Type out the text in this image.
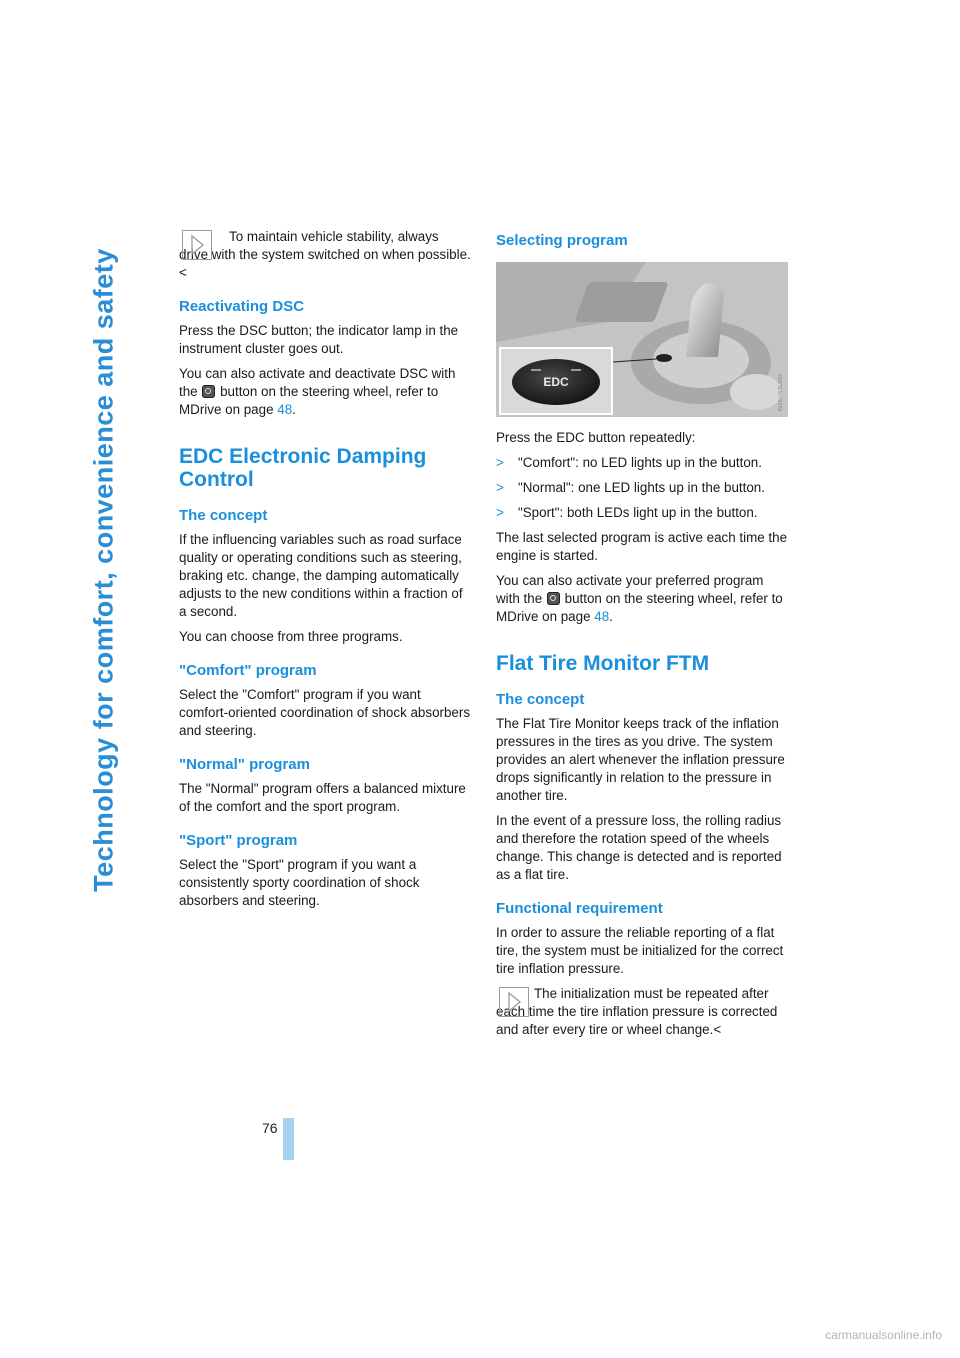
Technology for comfort, convenience and safety
76

To maintain vehicle stability, always drive with the system switched on when possible.<

Reactivating DSC

Press the DSC button; the indicator lamp in the instrument cluster goes out.

You can also activate and deactivate DSC with the button on the steering wheel, refer to MDrive on page 48.

EDC Electronic Damping Control
The concept

If the influencing variables such as road surface quality or operating conditions such as steering, braking etc. change, the damping automatically adjusts to the new conditions within a fraction of a second.

You can choose from three programs.

"Comfort" program

Select the "Comfort" program if you want comfort-oriented coordination of shock absorbers and steering.

"Normal" program

The "Normal" program offers a balanced mixture of the comfort and the sport program.

"Sport" program

Select the "Sport" program if you want a consistently sporty coordination of shock absorbers and steering.

Selecting program
EDC	W1I0763CMA

Press the EDC button repeatedly:

>	"Comfort": no LED lights up in the button.
>	"Normal": one LED lights up in the button.
>	"Sport": both LEDs light up in the button.

The last selected program is active each time the engine is started.

You can also activate your preferred program with the button on the steering wheel, refer to MDrive on page 48.

Flat Tire Monitor FTM
The concept

The Flat Tire Monitor keeps track of the inflation pressures in the tires as you drive. The system provides an alert whenever the inflation pressure drops significantly in relation to the pressure in another tire.

In the event of a pressure loss, the rolling radius and therefore the rotation speed of the wheels change. This change is detected and is reported as a flat tire.

Functional requirement

In order to assure the reliable reporting of a flat tire, the system must be initialized for the correct tire inflation pressure.

The initialization must be repeated after each time the tire inflation pressure is corrected and after every tire or wheel change.<

carmanualsonline.info
